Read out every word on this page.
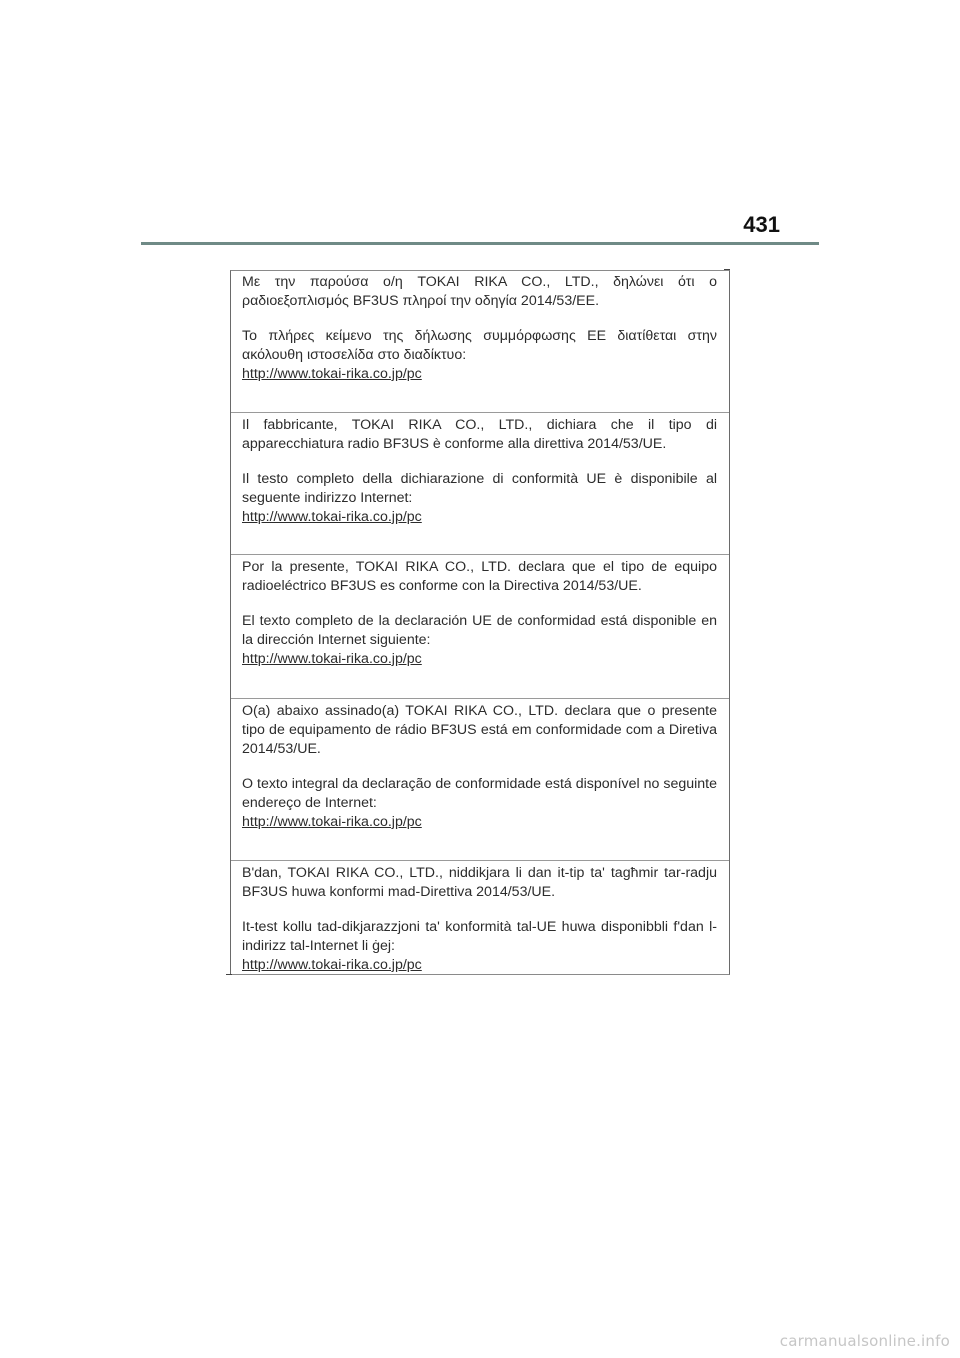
431

Με την παρούσα ο/η TOKAI RIKA CO., LTD., δηλώνει ότι ο ραδιοεξοπλισμός BF3US πληροί την οδηγία 2014/53/ΕΕ.

Το πλήρες κείμενο της δήλωσης συμμόρφωσης ΕΕ διατίθεται στην ακόλουθη ιστοσελίδα στο διαδίκτυο:

http://www.tokai-rika.co.jp/pc

Il fabbricante, TOKAI RIKA CO., LTD., dichiara che il tipo di apparecchiatura radio BF3US è conforme alla direttiva 2014/53/UE.

Il testo completo della dichiarazione di conformità UE è disponibile al seguente indirizzo Internet:

http://www.tokai-rika.co.jp/pc

Por la presente, TOKAI RIKA CO., LTD. declara que el tipo de equipo radioeléctrico BF3US es conforme con la Directiva 2014/53/UE.

El texto completo de la declaración UE de conformidad está disponible en la dirección Internet siguiente:

http://www.tokai-rika.co.jp/pc

O(a) abaixo assinado(a) TOKAI RIKA CO., LTD. declara que o presente tipo de equipamento de rádio BF3US está em conformidade com a Diretiva 2014/53/UE.

O texto integral da declaração de conformidade está disponível no seguinte endereço de Internet:

http://www.tokai-rika.co.jp/pc

B'dan, TOKAI RIKA CO., LTD., niddikjara li dan it-tip ta' tagħmir tar-radju BF3US huwa konformi mad-Direttiva 2014/53/UE.

It-test kollu tad-dikjarazzjoni ta' konformità tal-UE huwa disponibbli f'dan l-indirizz tal-Internet li ġej:

http://www.tokai-rika.co.jp/pc
carmanualsonline.info
